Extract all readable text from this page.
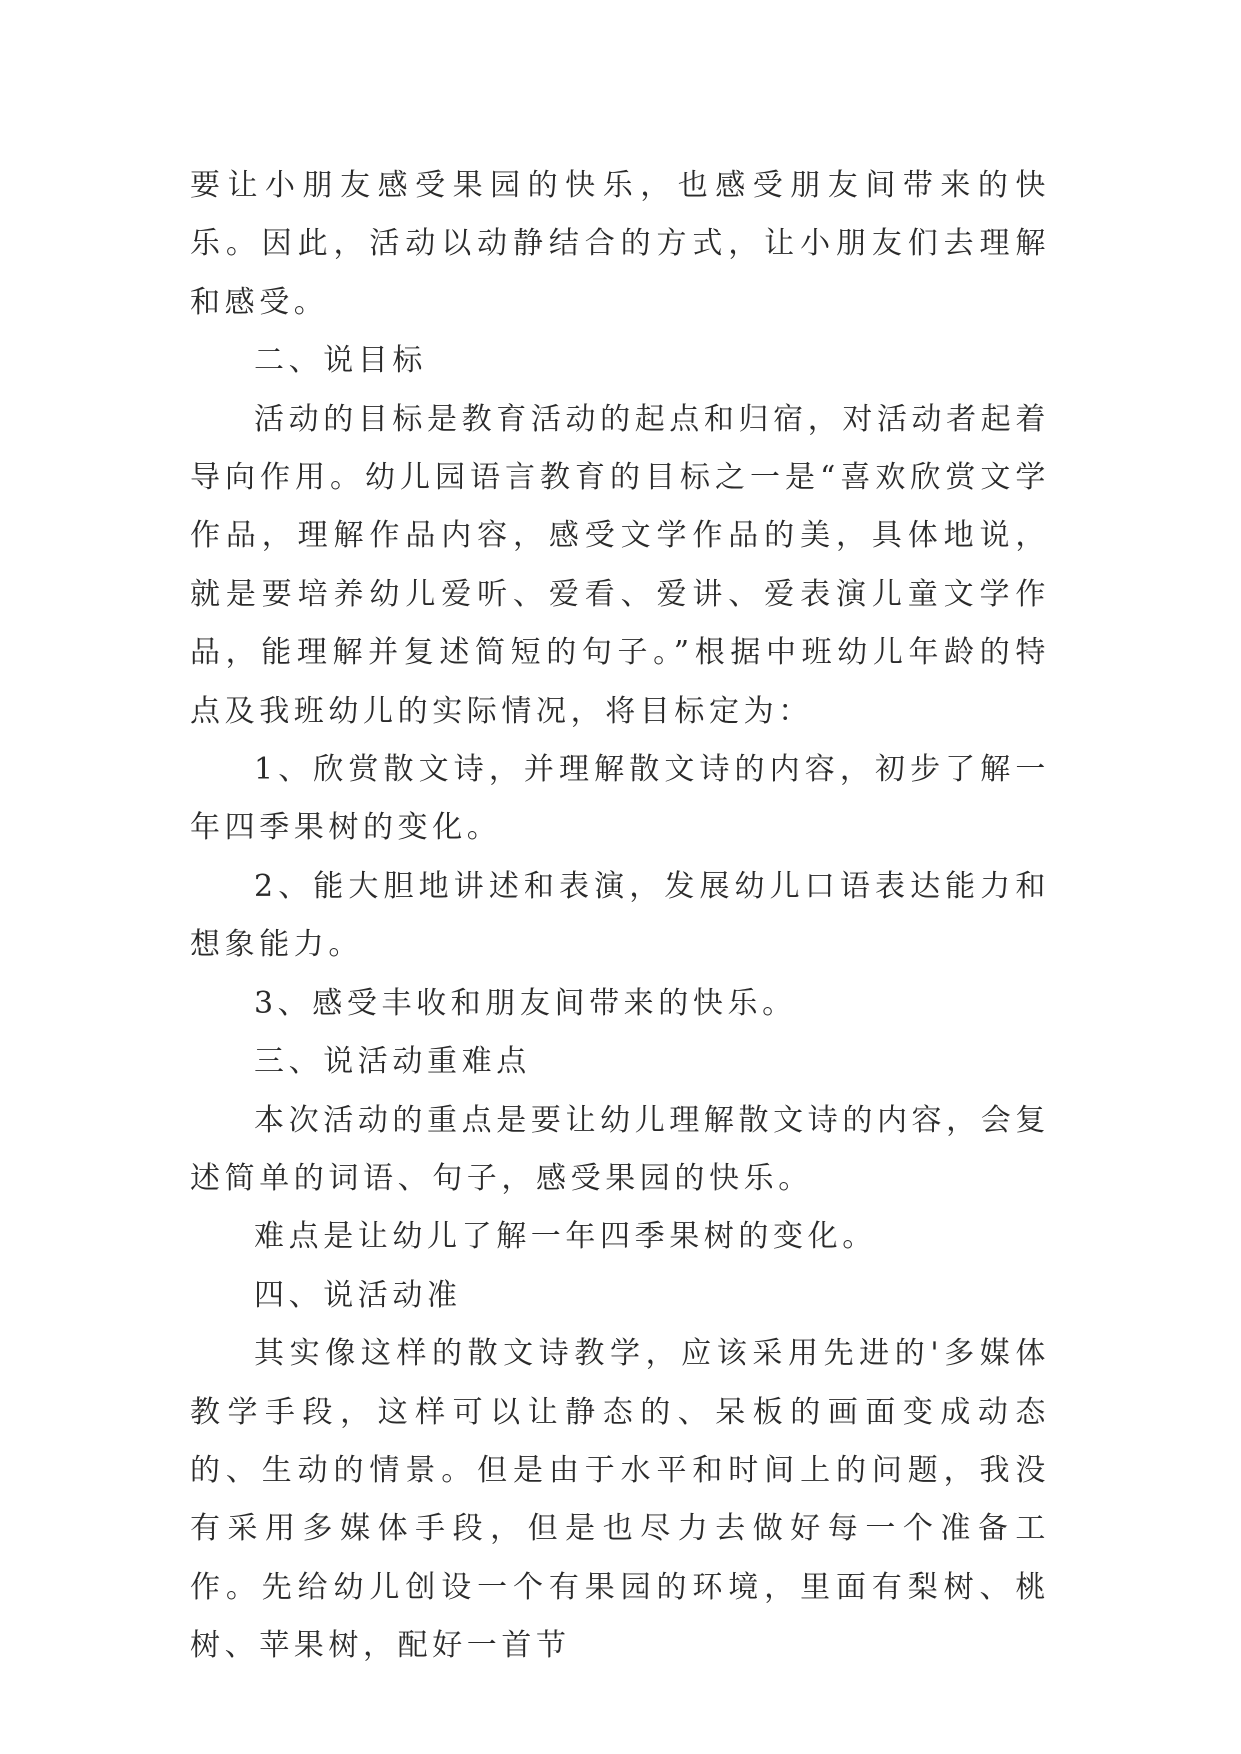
要让小朋友感受果园的快乐，也感受朋友间带来的快乐。因此，活动以动静结合的方式，让小朋友们去理解和感受。

二、说目标

活动的目标是教育活动的起点和归宿，对活动者起着导向作用。幼儿园语言教育的目标之一是“喜欢欣赏文学作品，理解作品内容，感受文学作品的美，具体地说，就是要培养幼儿爱听、爱看、爱讲、爱表演儿童文学作品，能理解并复述简短的句子。”根据中班幼儿年龄的特点及我班幼儿的实际情况，将目标定为：

1、欣赏散文诗，并理解散文诗的内容，初步了解一年四季果树的变化。

2、能大胆地讲述和表演，发展幼儿口语表达能力和想象能力。

3、感受丰收和朋友间带来的快乐。

三、说活动重难点

本次活动的重点是要让幼儿理解散文诗的内容，会复述简单的词语、句子，感受果园的快乐。

难点是让幼儿了解一年四季果树的变化。

四、说活动准

其实像这样的散文诗教学，应该采用先进的'多媒体教学手段，这样可以让静态的、呆板的画面变成动态的、生动的情景。但是由于水平和时间上的问题，我没有采用多媒体手段，但是也尽力去做好每一个准备工作。先给幼儿创设一个有果园的环境，里面有梨树、桃树、苹果树，配好一首节
